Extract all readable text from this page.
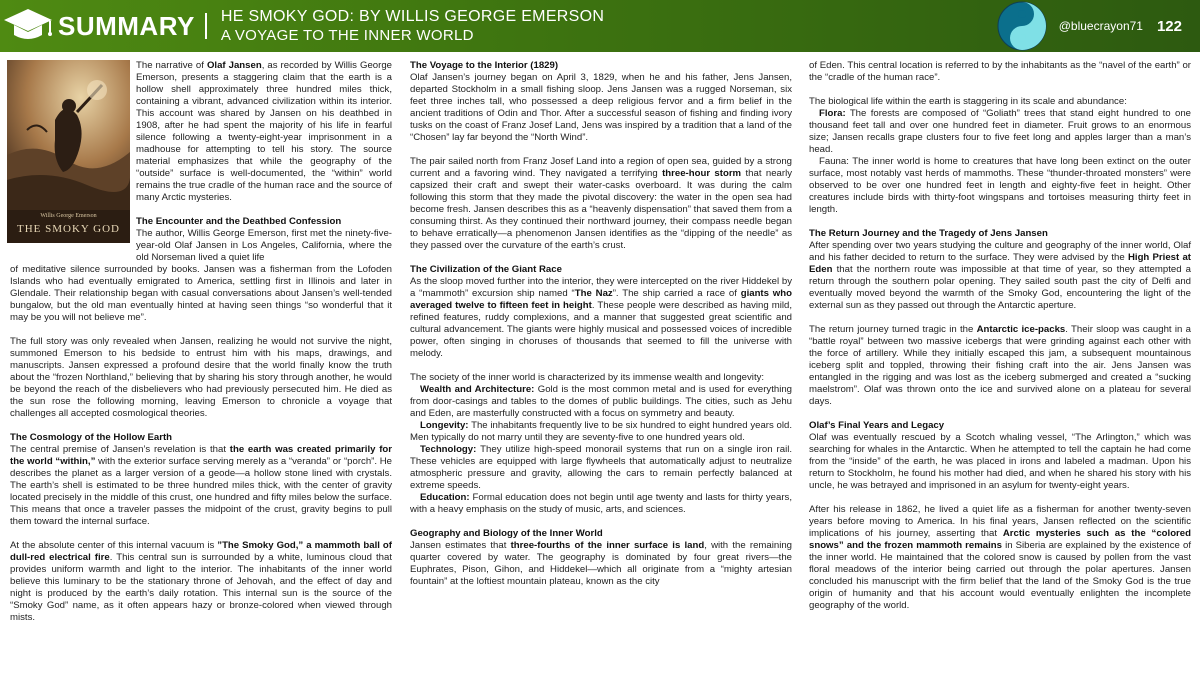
SUMMARY HE SMOKY GOD: BY WILLIS GEORGE EMERSON
A VOYAGE TO THE INNER WORLD
@bluecrayon71 122
Willis George Emerson
THE SMOKY GOD

The narrative of Olaf Jansen, as recorded by Willis George Emerson, presents a staggering claim that the earth is a hollow shell approximately three hundred miles thick, containing a vibrant, advanced civilization within its interior. This account was shared by Jansen on his deathbed in 1908, after he had spent the majority of his life in fearful silence following a twenty-eight-year imprisonment in a madhouse for attempting to tell his story. The source material emphasizes that while the geography of the “outside” surface is well-documented, the “within” world remains the true cradle of the human race and the source of many Arctic mysteries.

The Encounter and the Deathbed Confession

The author, Willis George Emerson, first met the ninety-five-year-old Olaf Jansen in Los Angeles, California, where the old Norseman lived a quiet life

of meditative silence surrounded by books. Jansen was a fisherman from the Lofoden Islands who had eventually emigrated to America, settling first in Illinois and later in Glendale. Their relationship began with casual conversations about Jansen’s well-tended bungalow, but the old man eventually hinted at having seen things “so wonderful that it may be you will not believe me”.

The full story was only revealed when Jansen, realizing he would not survive the night, summoned Emerson to his bedside to entrust him with his maps, drawings, and manuscripts. Jansen expressed a profound desire that the world finally know the truth about the “frozen Northland,” believing that by sharing his story through another, he would be beyond the reach of the disbelievers who had previously persecuted him. He died as the sun rose the following morning, leaving Emerson to chronicle a voyage that challenges all accepted cosmological theories.

The Cosmology of the Hollow Earth

The central premise of Jansen’s revelation is that the earth was created primarily for the world “within,” with the exterior surface serving merely as a “veranda” or “porch”. He describes the planet as a larger version of a geode—a hollow stone lined with crystals. The earth’s shell is estimated to be three hundred miles thick, with the center of gravity located precisely in the middle of this crust, one hundred and fifty miles below the surface. This means that once a traveler passes the midpoint of the crust, gravity begins to pull them toward the internal surface.

At the absolute center of this internal vacuum is ”The Smoky God,” a mammoth ball of dull-red electrical fire. This central sun is surrounded by a white, luminous cloud that provides uniform warmth and light to the interior. The inhabitants of the inner world believe this luminary to be the stationary throne of Jehovah, and the effect of day and night is produced by the earth’s daily rotation. This internal sun is the source of the “Smoky God” name, as it often appears hazy or bronze-colored when viewed through mists.

The Voyage to the Interior (1829)

Olaf Jansen’s journey began on April 3, 1829, when he and his father, Jens Jansen, departed Stockholm in a small fishing sloop. Jens Jansen was a rugged Norseman, six feet three inches tall, who possessed a deep religious fervor and a firm belief in the ancient traditions of Odin and Thor. After a successful season of fishing and finding ivory tusks on the coast of Franz Josef Land, Jens was inspired by a tradition that a land of the “Chosen” lay far beyond the “North Wind”.

The pair sailed north from Franz Josef Land into a region of open sea, guided by a strong current and a favoring wind. They navigated a terrifying three-hour storm that nearly capsized their craft and swept their water-casks overboard. It was during the calm following this storm that they made the pivotal discovery: the water in the open sea had become fresh. Jansen describes this as a “heavenly dispensation” that saved them from a consuming thirst. As they continued their northward journey, their compass needle began to behave erratically—a phenomenon Jansen identifies as the “dipping of the needle” as they passed over the curvature of the earth’s crust.

The Civilization of the Giant Race

As the sloop moved further into the interior, they were intercepted on the river Hiddekel by a “mammoth” excursion ship named “The Naz”. The ship carried a race of giants who averaged twelve to fifteen feet in height. These people were described as having mild, refined features, ruddy complexions, and a manner that suggested great scientific and cultural advancement. The giants were highly musical and possessed voices of incredible power, often singing in choruses of thousands that seemed to fill the universe with melody.

The society of the inner world is characterized by its immense wealth and longevity:

Wealth and Architecture: Gold is the most common metal and is used for everything from door-casings and tables to the domes of public buildings. The cities, such as Jehu and Eden, are masterfully constructed with a focus on symmetry and beauty.

Longevity: The inhabitants frequently live to be six hundred to eight hundred years old. Men typically do not marry until they are seventy-five to one hundred years old.

Technology: They utilize high-speed monorail systems that run on a single iron rail. These vehicles are equipped with large flywheels that automatically adjust to neutralize atmospheric pressure and gravity, allowing the cars to remain perfectly balanced at extreme speeds.

Education: Formal education does not begin until age twenty and lasts for thirty years, with a heavy emphasis on the study of music, arts, and sciences.

Geography and Biology of the Inner World

Jansen estimates that three-fourths of the inner surface is land, with the remaining quarter covered by water. The geography is dominated by four great rivers—the Euphrates, Pison, Gihon, and Hiddekel—which all originate from a “mighty artesian fountain” at the loftiest mountain plateau, known as the city

of Eden. This central location is referred to by the inhabitants as the “navel of the earth” or the “cradle of the human race”.

The biological life within the earth is staggering in its scale and abundance:

Flora: The forests are composed of “Goliath” trees that stand eight hundred to one thousand feet tall and over one hundred feet in diameter. Fruit grows to an enormous size; Jansen recalls grape clusters four to five feet long and apples larger than a man’s head.

Fauna: The inner world is home to creatures that have long been extinct on the outer surface, most notably vast herds of mammoths. These “thunder-throated monsters” were observed to be over one hundred feet in length and eighty-five feet in height. Other creatures include birds with thirty-foot wingspans and tortoises measuring thirty feet in length.

The Return Journey and the Tragedy of Jens Jansen

After spending over two years studying the culture and geography of the inner world, Olaf and his father decided to return to the surface. They were advised by the High Priest at Eden that the northern route was impossible at that time of year, so they attempted a return through the southern polar opening. They sailed south past the city of Delfi and eventually moved beyond the warmth of the Smoky God, encountering the light of the external sun as they passed out through the Antarctic aperture.

The return journey turned tragic in the Antarctic ice-packs. Their sloop was caught in a “battle royal” between two massive icebergs that were grinding against each other with the force of artillery. While they initially escaped this jam, a subsequent mountainous iceberg split and toppled, throwing their fishing craft into the air. Jens Jansen was entangled in the rigging and was lost as the iceberg submerged and created a “sucking maelstrom”. Olaf was thrown onto the ice and survived alone on a plateau for several days.

Olaf’s Final Years and Legacy

Olaf was eventually rescued by a Scotch whaling vessel, “The Arlington,” which was searching for whales in the Antarctic. When he attempted to tell the captain he had come from the “inside” of the earth, he was placed in irons and labeled a madman. Upon his return to Stockholm, he found his mother had died, and when he shared his story with his uncle, he was betrayed and imprisoned in an asylum for twenty-eight years.

After his release in 1862, he lived a quiet life as a fisherman for another twenty-seven years before moving to America. In his final years, Jansen reflected on the scientific implications of his journey, asserting that Arctic mysteries such as the “colored snows” and the frozen mammoth remains in Siberia are explained by the existence of the inner world. He maintained that the colored snow is caused by pollen from the vast floral meadows of the interior being carried out through the polar apertures. Jansen concluded his manuscript with the firm belief that the land of the Smoky God is the true origin of humanity and that his account would eventually enlighten the incomplete geography of the world.
